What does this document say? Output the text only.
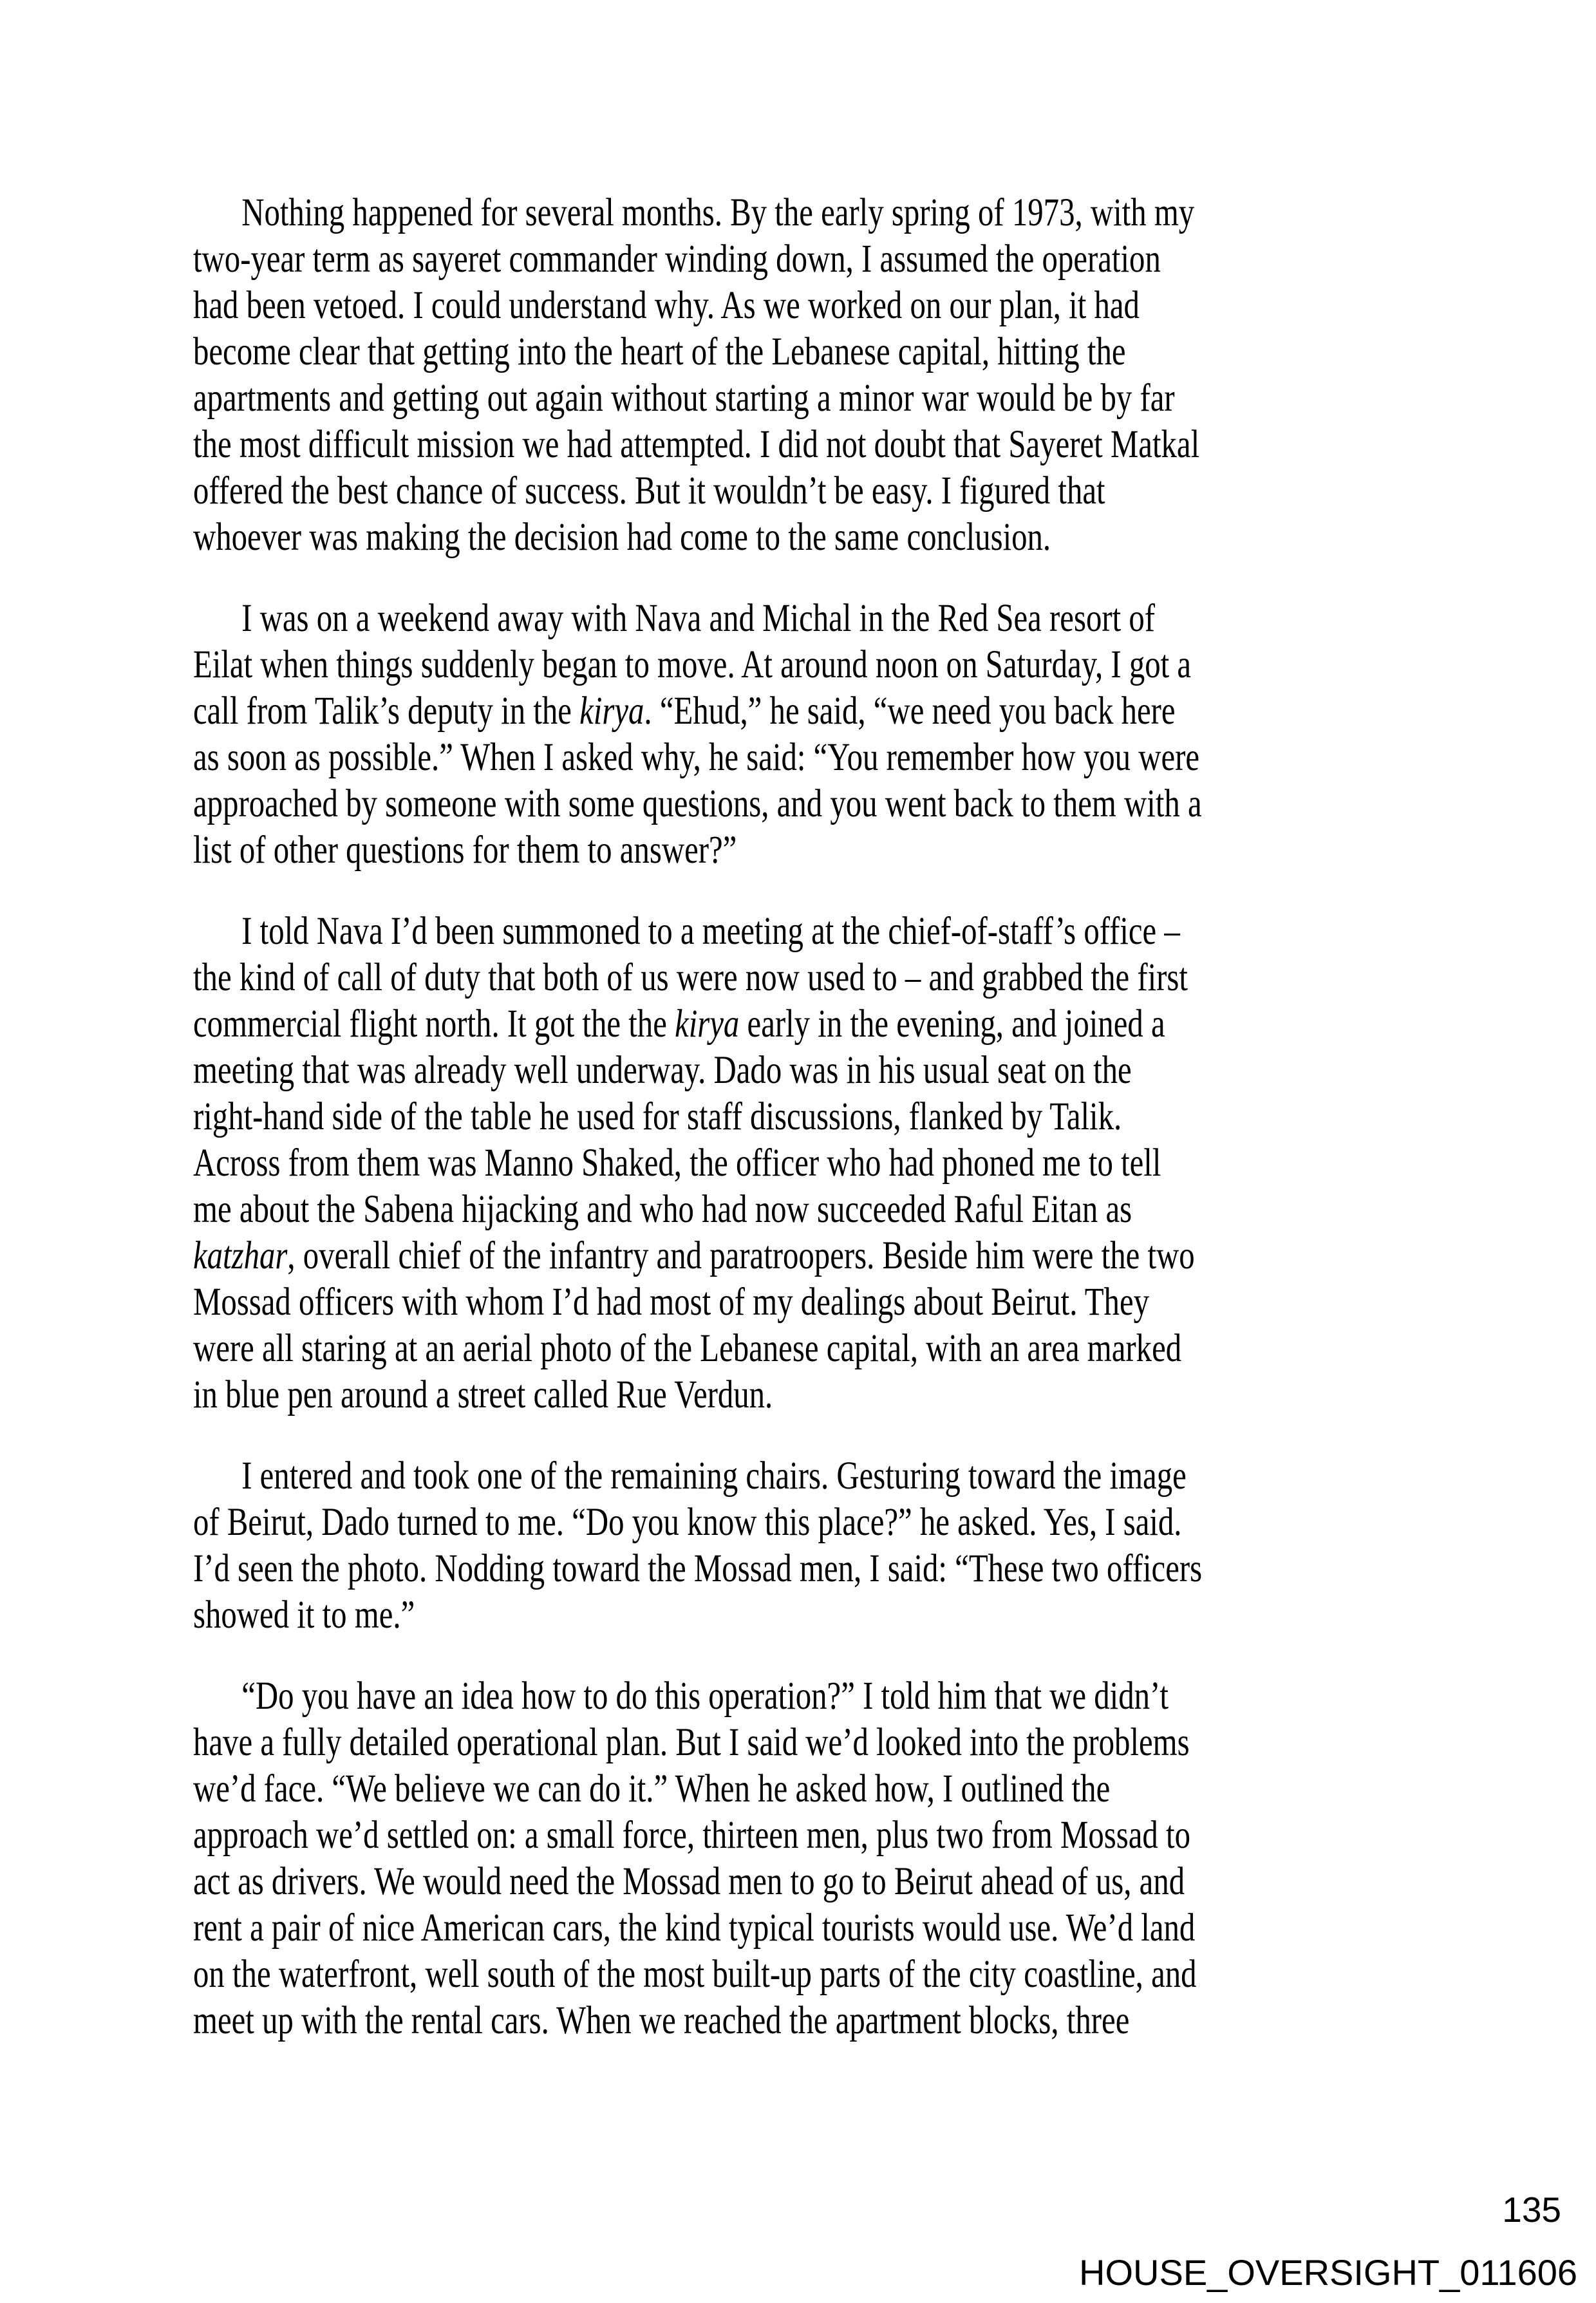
Nothing happened for several months. By the early spring of 1973, with my
two-year term as sayeret commander winding down, I assumed the operation
had been vetoed. I could understand why. As we worked on our plan, it had
become clear that getting into the heart of the Lebanese capital, hitting the
apartments and getting out again without starting a minor war would be by far
the most difficult mission we had attempted. I did not doubt that Sayeret Matkal
offered the best chance of success. But it wouldn’t be easy. I figured that
whoever was making the decision had come to the same conclusion.
I was on a weekend away with Nava and Michal in the Red Sea resort of
Eilat when things suddenly began to move. At around noon on Saturday, I got a
call from Talik’s deputy in the kirya. “Ehud,” he said, “we need you back here
as soon as possible.” When I asked why, he said: “You remember how you were
approached by someone with some questions, and you went back to them with a
list of other questions for them to answer?”
I told Nava I’d been summoned to a meeting at the chief-of-staff’s office –
the kind of call of duty that both of us were now used to – and grabbed the first
commercial flight north. It got the the kirya early in the evening, and joined a
meeting that was already well underway. Dado was in his usual seat on the
right-hand side of the table he used for staff discussions, flanked by Talik.
Across from them was Manno Shaked, the officer who had phoned me to tell
me about the Sabena hijacking and who had now succeeded Raful Eitan as
katzhar, overall chief of the infantry and paratroopers. Beside him were the two
Mossad officers with whom I’d had most of my dealings about Beirut. They
were all staring at an aerial photo of the Lebanese capital, with an area marked
in blue pen around a street called Rue Verdun.
I entered and took one of the remaining chairs. Gesturing toward the image
of Beirut, Dado turned to me. “Do you know this place?” he asked. Yes, I said.
I’d seen the photo. Nodding toward the Mossad men, I said: “These two officers
showed it to me.”
“Do you have an idea how to do this operation?” I told him that we didn’t
have a fully detailed operational plan. But I said we’d looked into the problems
we’d face. “We believe we can do it.” When he asked how, I outlined the
approach we’d settled on: a small force, thirteen men, plus two from Mossad to
act as drivers. We would need the Mossad men to go to Beirut ahead of us, and
rent a pair of nice American cars, the kind typical tourists would use. We’d land
on the waterfront, well south of the most built-up parts of the city coastline, and
meet up with the rental cars. When we reached the apartment blocks, three
135
HOUSE_OVERSIGHT_011606
